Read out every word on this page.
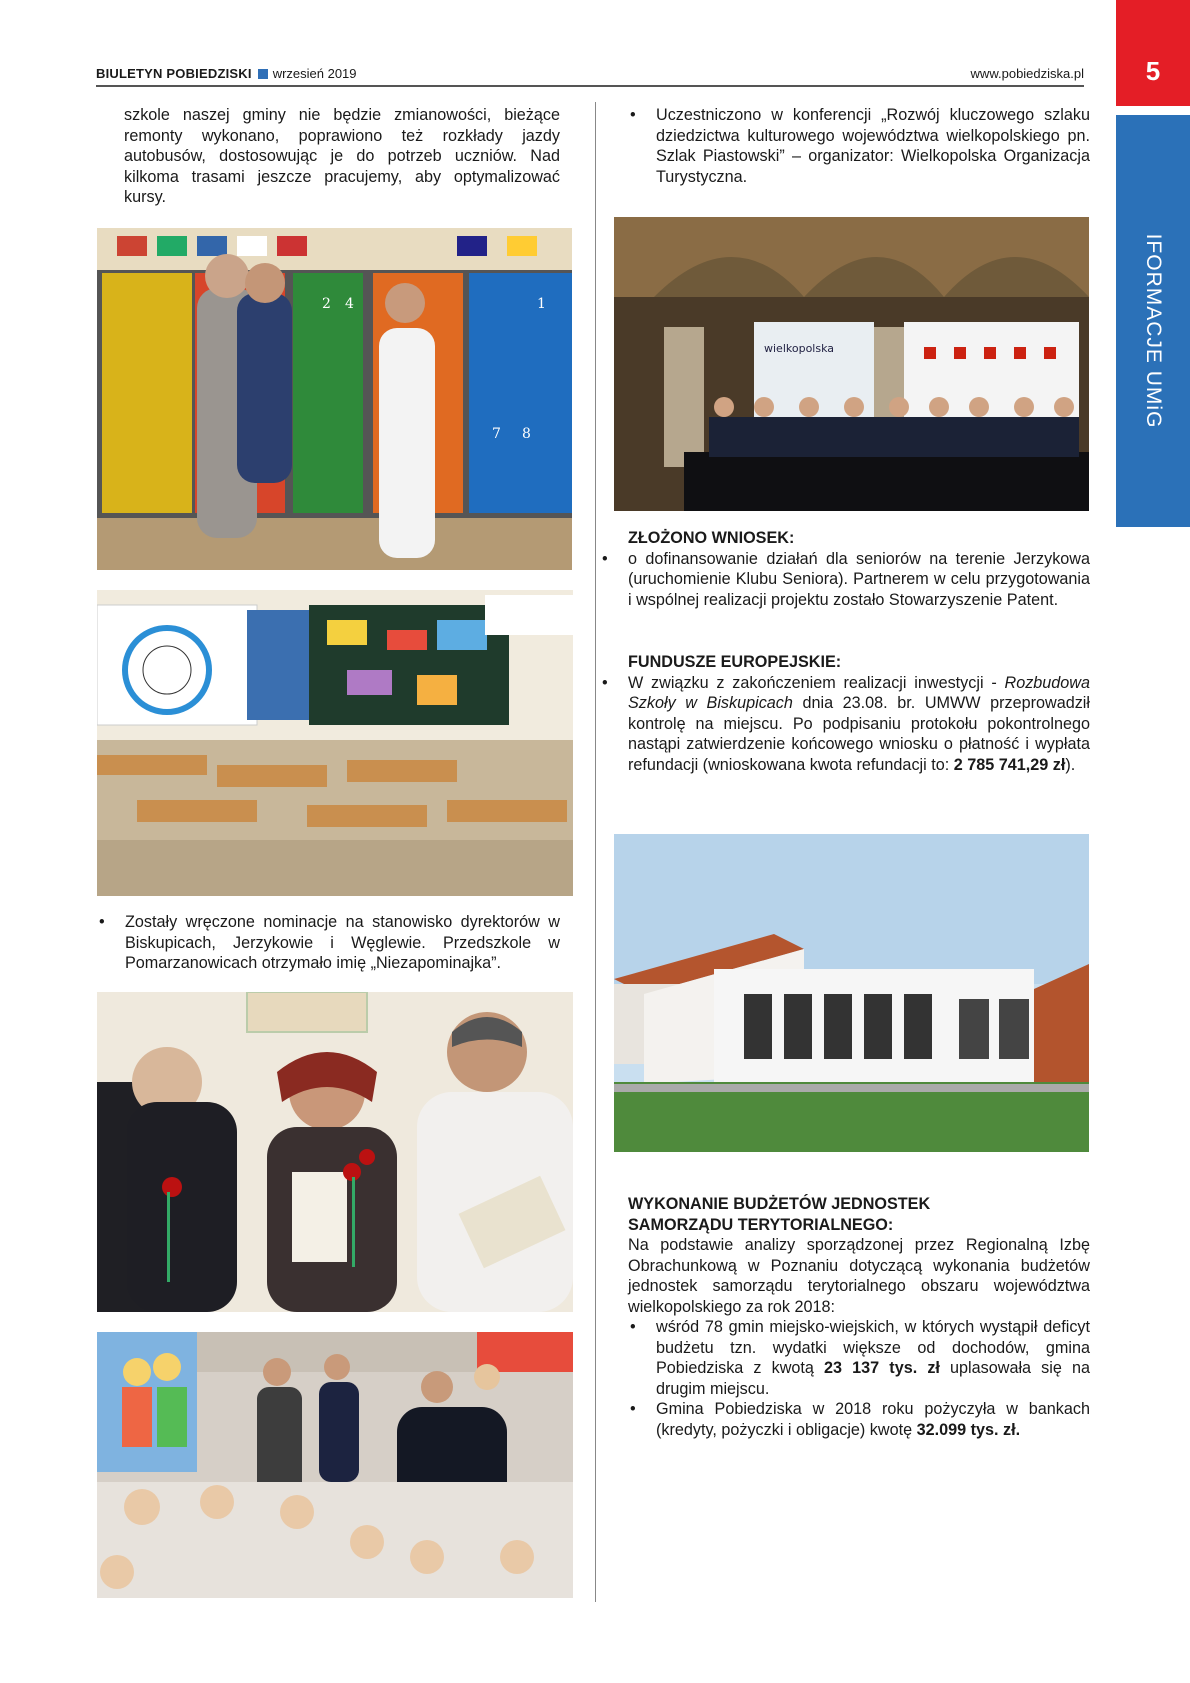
BIULETYN POBIEDZISKI wrzesień 2019	www.pobiedziska.pl	5
IFORMACJE UMiG

szkole naszej gminy nie będzie zmianowości, bieżące remonty wykonano, poprawiono też rozkłady jazdy autobusów, dostosowując je do potrzeb uczniów. Nad kilkoma trasami jeszcze pracujemy, aby optymalizować kursy.

2 4	1
7 8
• Zostały wręczone nominacje na stanowisko dyrektorów w Biskupicach, Jerzykowie i Węglewie. Przedszkole w Pomarzanowicach otrzymało imię „Niezapominajka”.
• Uczestniczono w konferencji „Rozwój kluczowego szlaku dziedzictwa kulturowego województwa wielkopolskiego pn. Szlak Piastowski” – organizator: Wielkopolska Organizacja Turystyczna.
wielkopolska

ZŁOŻONO WNIOSEK:

• o dofinansowanie działań dla seniorów na terenie Jerzykowa (uruchomienie Klubu Seniora). Partnerem w celu przygotowania i wspólnej realizacji projektu zostało Stowarzyszenie Patent.

FUNDUSZE EUROPEJSKIE:

• W związku z zakończeniem realizacji inwestycji - Rozbudowa Szkoły w Biskupicach dnia 23.08. br. UMWW przeprowadził kontrolę na miejscu. Po podpisaniu protokołu pokontrolnego nastąpi zatwierdzenie końcowego wniosku o płatność i wypłata refundacji (wnioskowana kwota refundacji to: 2 785 741,29 zł).

WYKONANIE BUDŻETÓW JEDNOSTEK

SAMORZĄDU TERYTORIALNEGO:

Na podstawie analizy sporządzonej przez Regionalną Izbę Obrachunkową w Poznaniu dotyczącą wykonania budżetów jednostek samorządu terytorialnego obszaru województwa wielkopolskiego za rok 2018:

• wśród 78 gmin miejsko-wiejskich, w których wystąpił deficyt budżetu tzn. wydatki większe od dochodów, gmina Pobiedziska z kwotą 23 137 tys. zł uplasowała się na drugim miejscu.
• Gmina Pobiedziska w 2018 roku pożyczyła w bankach (kredyty, pożyczki i obligacje) kwotę 32.099 tys. zł.
